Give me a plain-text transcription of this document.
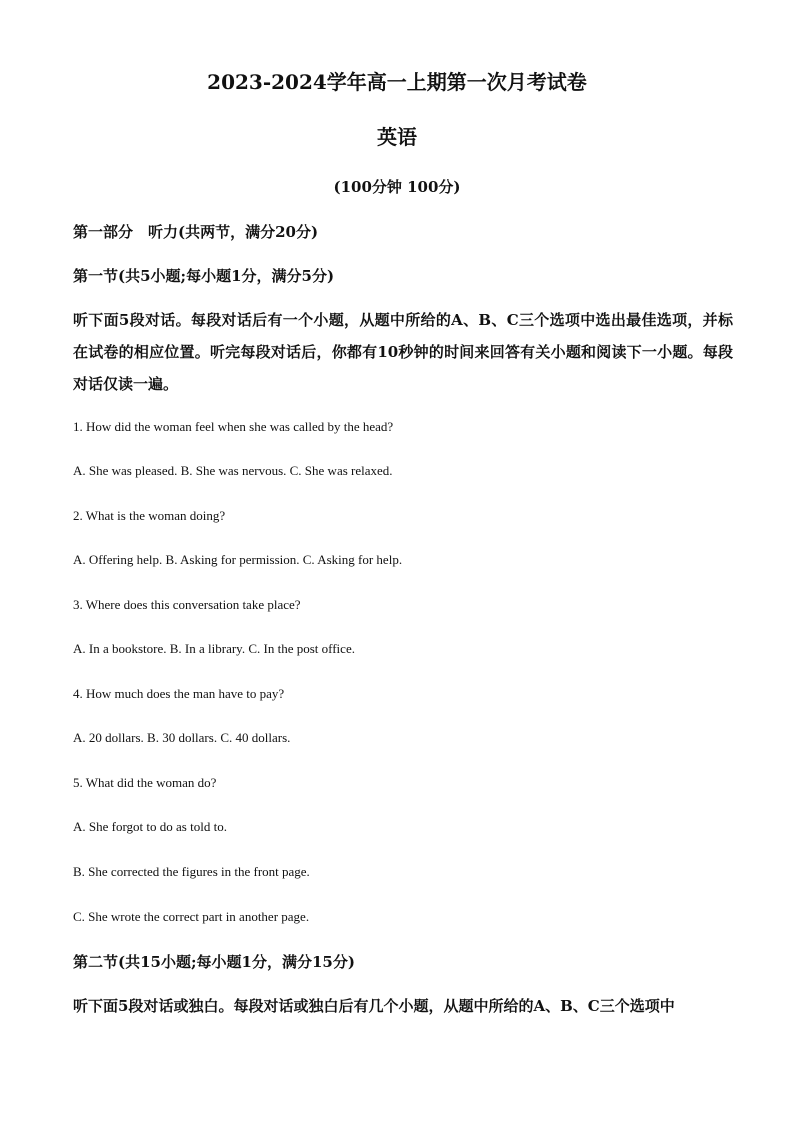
2023-2024学年高一上期第一次月考试卷
英语
(100分钟 100分)
第一部分　听力(共两节，满分20分)
第一节(共5小题;每小题1分，满分5分)
听下面5段对话。每段对话后有一个小题，从题中所给的A、B、C三个选项中选出最佳选项，并标在试卷的相应位置。听完每段对话后，你都有10秒钟的时间来回答有关小题和阅读下一小题。每段对话仅读一遍。
1. How did the woman feel when she was called by the head?
A. She was pleased. B. She was nervous. C. She was relaxed.
2. What is the woman doing?
A. Offering help. B. Asking for permission. C. Asking for help.
3. Where does this conversation take place?
A. In a bookstore. B. In a library. C. In the post office.
4. How much does the man have to pay?
A. 20 dollars. B. 30 dollars. C. 40 dollars.
5. What did the woman do?
A. She forgot to do as told to.
B. She corrected the figures in the front page.
C. She wrote the correct part in another page.
第二节(共15小题;每小题1分，满分15分)
听下面5段对话或独白。每段对话或独白后有几个小题，从题中所给的A、B、C三个选项中
